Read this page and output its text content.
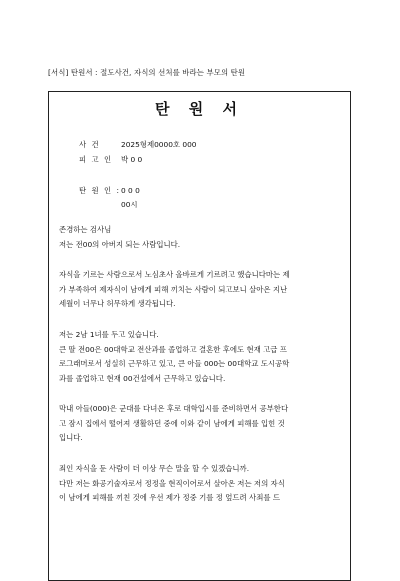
[서식] 탄원서 : 절도사건, 자식의 선처를 바라는 부모의 탄원
탄 원 서
사 건	2025형제0000호 000
피 고 인 박 0 0
탄 원 인 :0 0 0
00시

존경하는 검사님

저는 전00의 아버지 되는 사람입니다.

자식을 기르는 사람으로서 노심초사 올바르게 기르려고 했습니다마는 제

가 부족하여 제자식이 남에게 피해 끼치는 사람이 되고보니 살아온 지난

세월이 너무나 허무하게 생각됩니다.

저는 2남 1녀를 두고 있습니다.

큰 딸 전00은 00대학교 전산과를 졸업하고 결혼한 후에도 현재 고급 프

로그래머로서 성실히 근무하고 있고, 큰 아들 000는 00대학교 도시공학

과를 졸업하고 현재 00건설에서 근무하고 있습니다.

막내 아들(000)은 군대를 다녀온 후로 대학입시를 준비하면서 공부한다

고 잠시 집에서 떨어져 생활하던 중에 이와 같이 남에게 피해를 입힌 것

입니다.

죄인 자식을 둔 사람이 더 이상 무슨 말을 할 수 있겠습니까.

다만 저는 화공기술자로서 정정을 현직이어로서 살아온 저는 저의 자식

이 남에게 피해를 끼친 것에 우선 제가 정중 기를 정 엎드려 사죄를 드
